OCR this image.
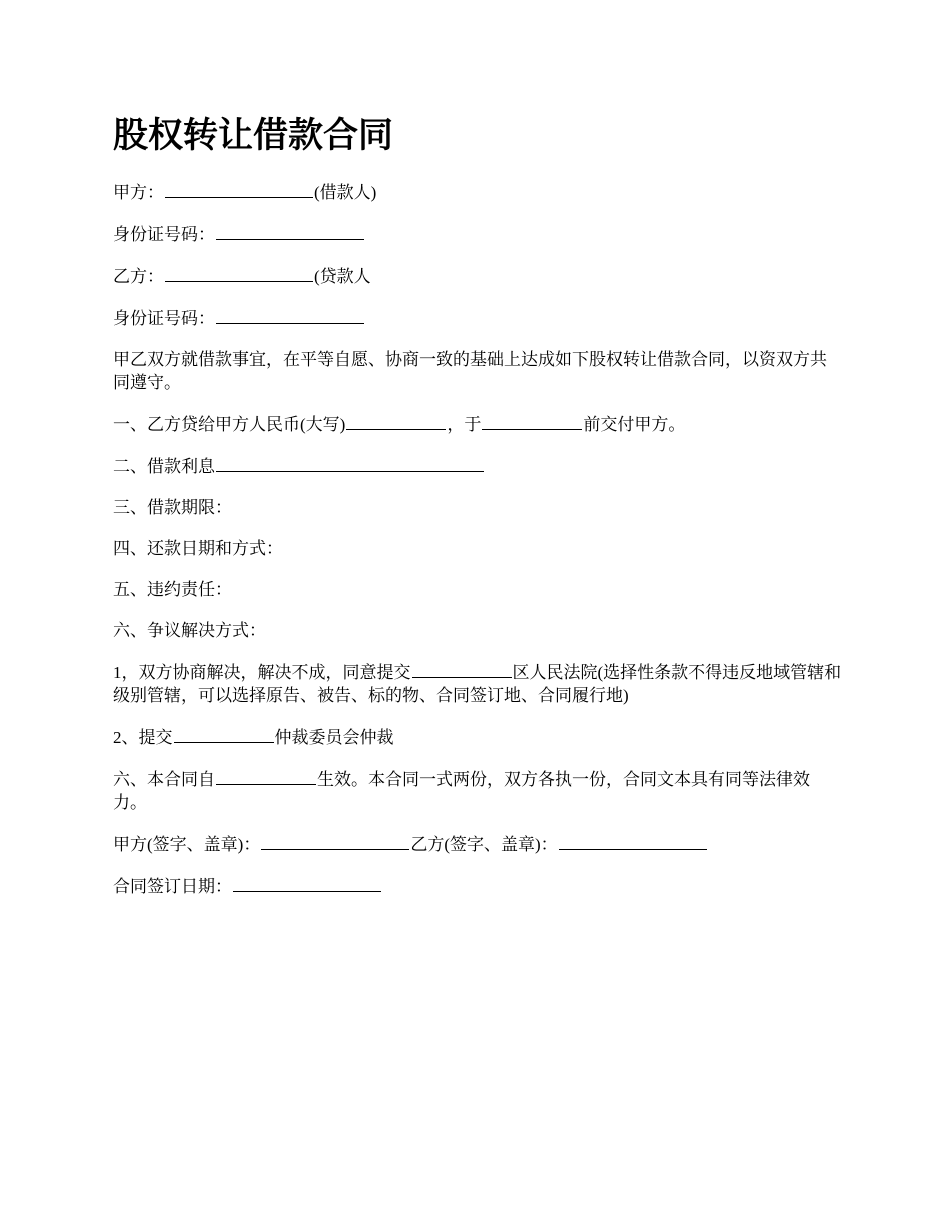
股权转让借款合同

甲方：	(借款人)

身份证号码：

乙方：	(贷款人

身份证号码：

甲乙双方就借款事宜，在平等自愿、协商一致的基础上达成如下股权转让借款合同，以资双方共同遵守。

一、乙方贷给甲方人民币(大写)	，于	前交付甲方。

二、借款利息

三、借款期限：

四、还款日期和方式：

五、违约责任：

六、争议解决方式：

1，双方协商解决，解决不成，同意提交	区人民法院(选择性条款不得违反地域管辖和级别管辖，可以选择原告、被告、标的物、合同签订地、合同履行地)

2、提交	仲裁委员会仲裁

六、本合同自	生效。本合同一式两份，双方各执一份，合同文本具有同等法律效力。

甲方(签字、盖章)：	乙方(签字、盖章)：

合同签订日期：
